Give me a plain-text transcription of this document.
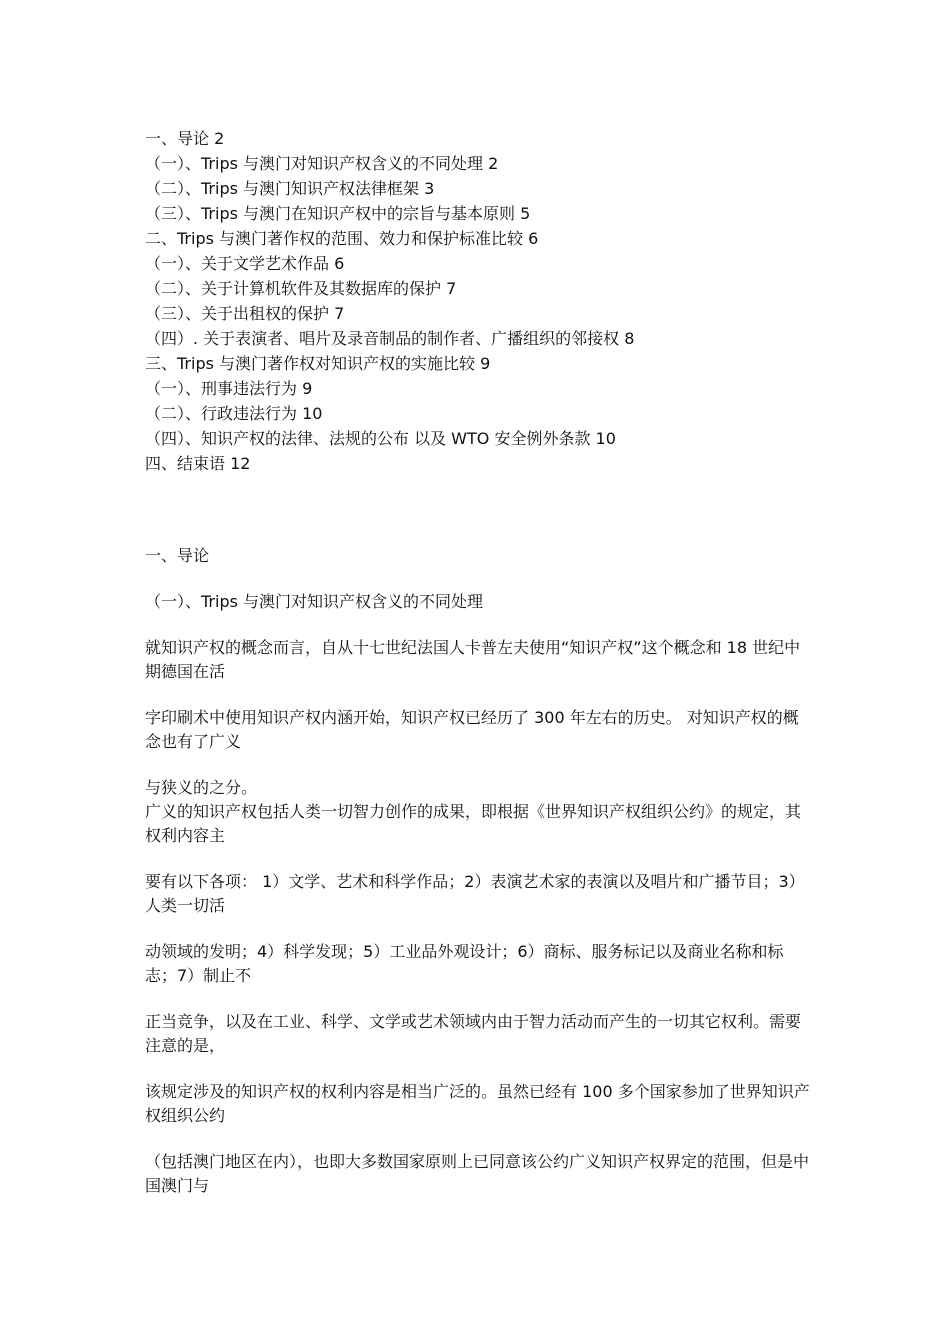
一、导论 2
（一）、Trips 与澳门对知识产权含义的不同处理 2
（二）、Trips 与澳门知识产权法律框架 3
（三）、Trips 与澳门在知识产权中的宗旨与基本原则 5
二、Trips 与澳门著作权的范围、效力和保护标准比较 6
（一）、关于文学艺术作品 6
（二）、关于计算机软件及其数据库的保护 7
（三）、关于出租权的保护 7
（四）. 关于表演者、唱片及录音制品的制作者、广播组织的邻接权 8
三、Trips 与澳门著作权对知识产权的实施比较 9
（一）、刑事违法行为 9
（二）、行政违法行为 10
（四）、知识产权的法律、法规的公布 以及 WTO 安全例外条款 10
四、结束语 12
一、导论
（一）、Trips 与澳门对知识产权含义的不同处理
就知识产权的概念而言，自从十七世纪法国人卡普左夫使用“知识产权”这个概念和 18 世纪中期德国在活
字印刷术中使用知识产权内涵开始，知识产权已经历了 300 年左右的历史。 对知识产权的概念也有了广义
与狭义的之分。
广义的知识产权包括人类一切智力创作的成果，即根据《世界知识产权组织公约》的规定，其权利内容主
要有以下各项： 1）文学、艺术和科学作品；2）表演艺术家的表演以及唱片和广播节目；3）人类一切活
动领域的发明；4）科学发现；5）工业品外观设计；6）商标、服务标记以及商业名称和标志；7）制止不
正当竞争，以及在工业、科学、文学或艺术领域内由于智力活动而产生的一切其它权利。需要注意的是，
该规定涉及的知识产权的权利内容是相当广泛的。虽然已经有 100 多个国家参加了世界知识产权组织公约
（包括澳门地区在内），也即大多数国家原则上已同意该公约广义知识产权界定的范围，但是中国澳门与
